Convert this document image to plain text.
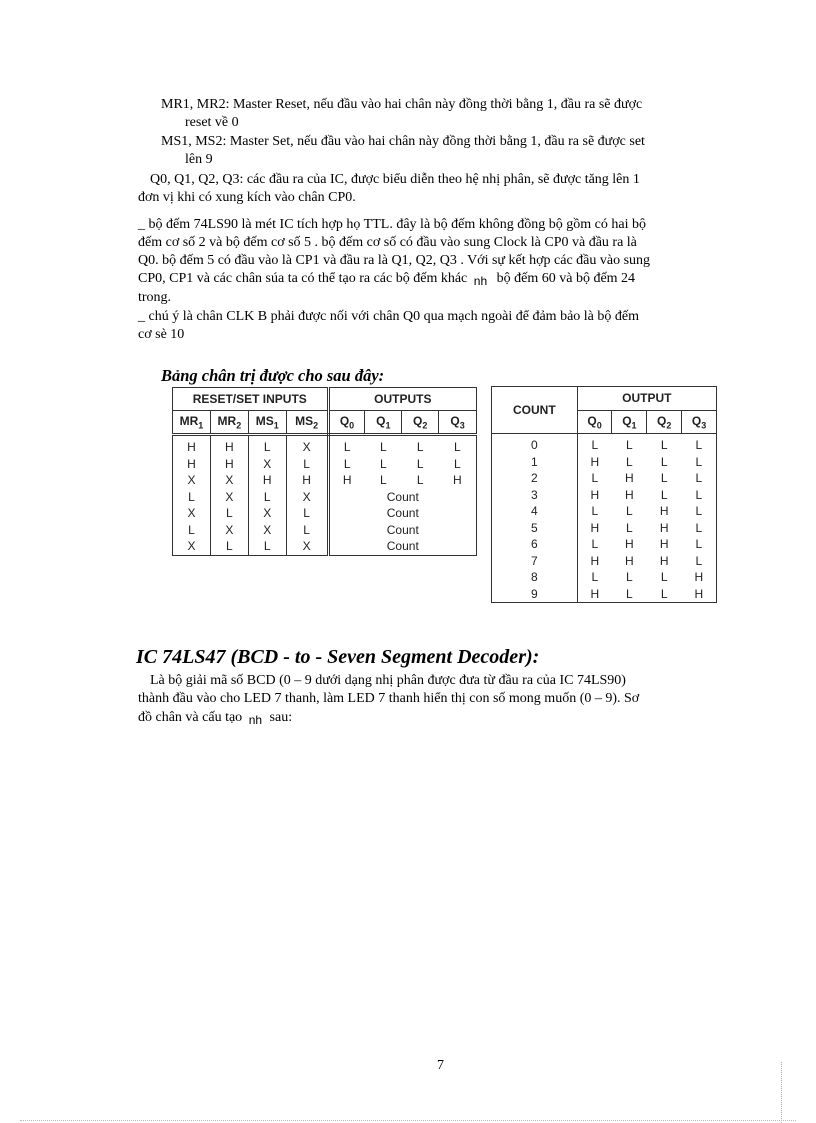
MR1, MR2: Master Reset, nếu đầu vào hai chân này đồng thời bằng 1, đầu ra sẽ được

reset về 0

MS1, MS2: Master Set, nếu đầu vào hai chân này đồng thời bằng 1, đầu ra sẽ được set

lên 9

Q0, Q1, Q2, Q3: các đầu ra của IC, được biểu diễn theo hệ nhị phân, sẽ được tăng lên 1

đơn vị khi có xung kích vào chân CP0.

_ bộ đếm 74LS90 là mét IC tích hợp họ TTL. đây là bộ đếm không đồng bộ gồm có hai bộ

đếm cơ số 2 và bộ đếm cơ số 5 . bộ đếm cơ số có đầu vào sung Clock là CP0 và đầu ra là

Q0. bộ đếm 5 có đầu vào là CP1 và đầu ra là Q1, Q2, Q3 . Với sự kết hợp các đầu vào sung

CP0, CP1 và các chân súa ta có thể tạo ra các bộ đếm khác nh bộ đếm 60 và bộ đếm 24

trong.

_ chú ý là chân CLK B phải được nối với chân Q0 qua mạch ngoài để đảm bảo là bộ đếm

cơ sè 10

Bảng chân trị được cho sau đây:
RESET/SET INPUTS				OUTPUTS			
$MR_1$	$MR_2$	$MS_1$	$MS_2$	$Q_0$	$Q_1$	$Q_2$	$Q_3$
H	H	L	X	L	L	L	L
H	H	X	L	L	L	L	L
X	X	H	H	H	L	L	H
L	X	L	X	Count			
X	L	X	L	Count			
L	X	X	L	Count			
X	L	L	X	Count			
COUNT	OUTPUT			
	$Q_0$	$Q_1$	$Q_2$	$Q_3$
0	L	L	L	L
1	H	L	L	L
2	L	H	L	L
3	H	H	L	L
4	L	L	H	L
5	H	L	H	L
6	L	H	H	L
7	H	H	H	L
8	L	L	L	H
9	H	L	L	H
IC 74LS47 (BCD - to - Seven Segment Decoder):

Là bộ giải mã số BCD (0 – 9 dưới dạng nhị phân được đưa từ đầu ra của IC 74LS90)

thành đầu vào cho LED 7 thanh, làm LED 7 thanh hiển thị con số mong muốn (0 – 9). Sơ

đồ chân và cấu tạo nh sau:

7
